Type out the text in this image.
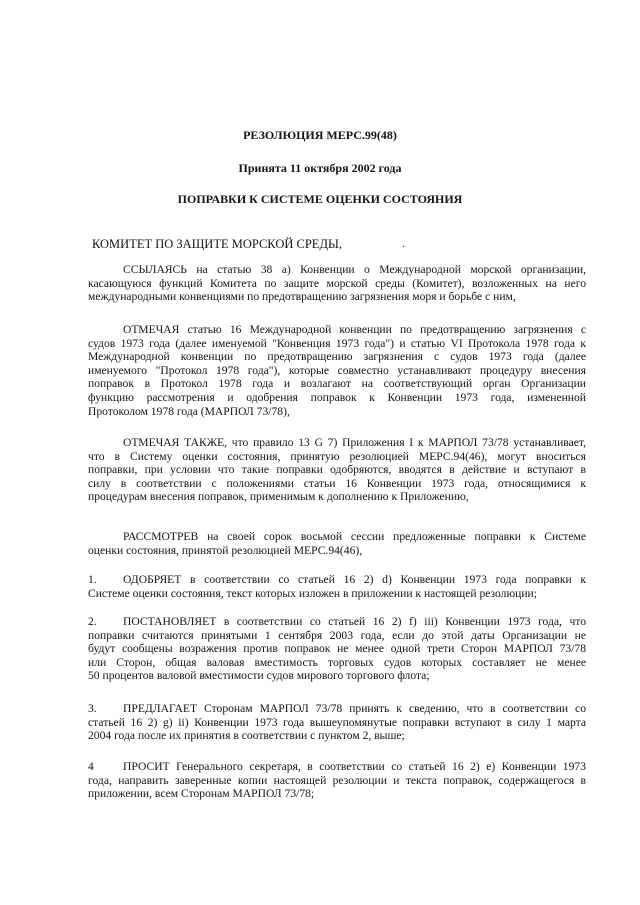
РЕЗОЛЮЦИЯ МЕРС.99(48)
Принята 11 октября 2002 года
ПОПРАВКИ К СИСТЕМЕ ОЦЕНКИ СОСТОЯНИЯ
КОМИТЕТ ПО ЗАЩИТЕ МОРСКОЙ СРЕДЫ,	.
ССЫЛАЯСЬ на статью 38 а) Конвенции о Международной морской организации,
касающуюся функций Комитета по защите морской среды (Комитет), возложенных на него
международными конвенциями по предотвращению загрязнения моря и борьбе с ним,
ОТМЕЧАЯ статью 16 Международной конвенции по предотвращению загрязнения с
судов 1973 года (далее именуемой "Конвенция 1973 года") и статью VI Протокола 1978 года к
Международной конвенции по предотвращению загрязнения с судов 1973 года (далее
именуемого "Протокол 1978 года"), которые совместно устанавливают процедуру внесения
поправок в Протокол 1978 года и возлагают на соответствующий орган Организации
функцию рассмотрения и одобрения поправок к Конвенции 1973 года, измененной
Протоколом 1978 года (МАРПОЛ 73/78),
ОТМЕЧАЯ ТАКЖЕ, что правило 13 G 7) Приложения I к МАРПОЛ 73/78 устанавливает,
что в Систему оценки состояния, принятую резолюцией МЕРС.94(46), могут вноситься
поправки, при условии что такие поправки одобряются, вводятся в действие и вступают в
силу в соответствии с положениями статьи 16 Конвенции 1973 года, относящимися к
процедурам внесения поправок, применимым к дополнению к Приложению,
РАССМОТРЕВ на своей сорок восьмой сессии предложенные поправки к Системе
оценки состояния, принятой резолюцией МЕРС.94(46),
1. ОДОБРЯЕТ в соответствии со статьей 16 2) d) Конвенции 1973 года поправки к
Системе оценки состояния, текст которых изложен в приложении к настоящей резолюции;
2. ПОСТАНОВЛЯЕТ в соответствии со статьей 16 2) f) iii) Конвенции 1973 года, что
поправки считаются принятыми 1 сентября 2003 года, если до этой даты Организации не
будут сообщены возражения против поправок не менее одной трети Сторон МАРПОЛ 73/78
или Сторон, общая валовая вместимость торговых судов которых составляет не менее
50 процентов валовой вместимости судов мирового торгового флота;
3. ПРЕДЛАГАЕТ Сторонам МАРПОЛ 73/78 принять к сведению, что в соответствии со
статьей 16 2) g) ii) Конвенции 1973 года вышеупомянутые поправки вступают в силу 1 марта
2004 года после их принятия в соответствии с пунктом 2, выше;
4	ПРОСИТ Генерального секретаря, в соответствии со статьей 16 2) е) Конвенции 1973
года, направить заверенные копии настоящей резолюции и текста поправок, содержащегося в
приложении, всем Сторонам МАРПОЛ 73/78;
